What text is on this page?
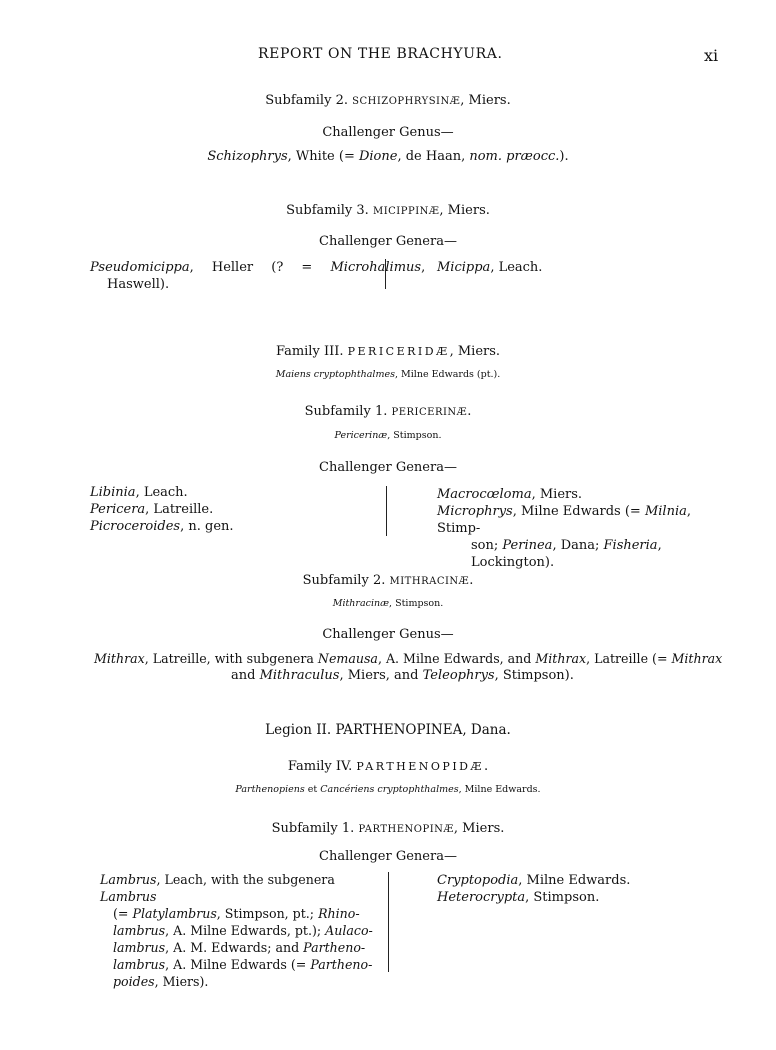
REPORT ON THE BRACHYURA.	xi
Subfamily 2. SCHIZOPHRYSINÆ, Miers.
Challenger Genus—
Schizophrys, White (= Dione, de Haan, nom. præocc.).
Subfamily 3. MICIPPINÆ, Miers.
Challenger Genera—
Pseudomicippa, Heller (? = Microhalimus,
Haswell).
Micippa, Leach.
Family III. PERICERIDÆ, Miers.
Maiens cryptophthalmes, Milne Edwards (pt.).
Subfamily 1. PERICERINÆ.
Pericerinæ, Stimpson.
Challenger Genera—
Libinia, Leach.
Pericera, Latreille.
Picroceroides, n. gen.
Macrocœloma, Miers.
Microphrys, Milne Edwards (= Milnia, Stimp-
son; Perinea, Dana; Fisheria, Lockington).
Subfamily 2. MITHRACINÆ.
Mithracinæ, Stimpson.
Challenger Genus—
Mithrax, Latreille, with subgenera Nemausa, A. Milne Edwards, and Mithrax, Latreille (= Mithrax
and Mithraculus, Miers, and Teleophrys, Stimpson).
Legion II. PARTHENOPINEA, Dana.
Family IV. PARTHENOPIDÆ.
Parthenopiens et Cancériens cryptophthalmes, Milne Edwards.
Subfamily 1. PARTHENOPINÆ, Miers.
Challenger Genera—
Lambrus, Leach, with the subgenera Lambrus
(= Platylambrus, Stimpson, pt.; Rhino-
lambrus, A. Milne Edwards, pt.); Aulaco-
lambrus, A. M. Edwards; and Partheno-
lambrus, A. Milne Edwards (= Partheno-
poides, Miers).
Cryptopodia, Milne Edwards.
Heterocrypta, Stimpson.
